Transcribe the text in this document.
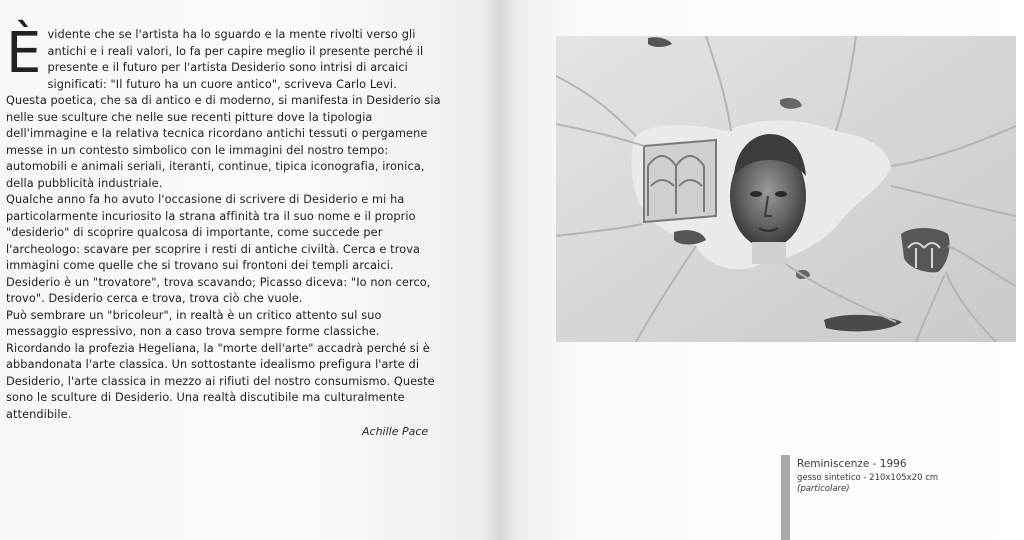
È vidente che se l'artista ha lo sguardo e la mente rivolti verso gli antichi e i reali valori, lo fa per capire meglio il presente perché il presente e il futuro per l'artista Desiderio sono intrisi di arcaici significati: "Il futuro ha un cuore antico", scriveva Carlo Levi.

Questa poetica, che sa di antico e di moderno, si manifesta in Desiderio sia nelle sue sculture che nelle sue recenti pitture dove la tipologia dell'immagine e la relativa tecnica ricordano antichi tessuti o pergamene messe in un contesto simbolico con le immagini del nostro tempo: automobili e animali seriali, iteranti, continue, tipica iconografia, ironica, della pubblicità industriale.

Qualche anno fa ho avuto l'occasione di scrivere di Desiderio e mi ha particolarmente incuriosito la strana affinità tra il suo nome e il proprio "desiderio" di scoprire qualcosa di importante, come succede per l'archeologo: scavare per scoprire i resti di antiche civiltà. Cerca e trova immagini come quelle che si trovano sui frontoni dei templi arcaici.

Desiderio è un "trovatore", trova scavando; Picasso diceva: "Io non cerco, trovo". Desiderio cerca e trova, trova ciò che vuole.

Può sembrare un "bricoleur", in realtà è un critico attento sul suo messaggio espressivo, non a caso trova sempre forme classiche.

Ricordando la profezia Hegeliana, la "morte dell'arte" accadrà perché si è abbandonata l'arte classica. Un sottostante idealismo prefigura l'arte di Desiderio, l'arte classica in mezzo ai rifiuti del nostro consumismo. Queste sono le sculture di Desiderio. Una realtà discutibile ma culturalmente attendibile.

Achille Pace
Reminiscenze - 1996
gesso sintetico - 210x105x20 cm
(particolare)
